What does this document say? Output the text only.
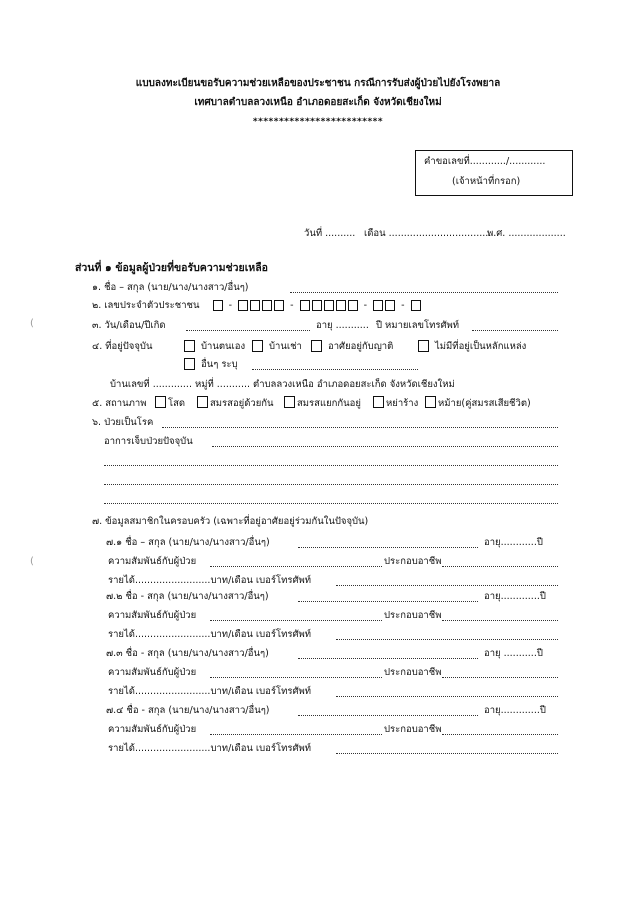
แบบลงทะเบียนขอรับความช่วยเหลือของประชาชน กรณีการรับส่งผู้ป่วยไปยังโรงพยาล
เทศบาลตำบลลวงเหนือ อำเภอดอยสะเก็ด จังหวัดเชียงใหม่
*************************
คำขอเลขที่............/............
(เจ้าหน้าที่กรอก)
วันที่ .......... เดือน ..................................
พ.ศ. ...................
ส่วนที่ ๑ ข้อมูลผู้ป่วยที่ขอรับความช่วยเหลือ
๑. ชื่อ – สกุล (นาย/นาง/นางสาว/อื่นๆ)
๒. เลขประจำตัวประชาชน	-	-	-	-
๓. วัน/เดือน/ปีเกิด	อายุ ........... ปี หมายเลขโทรศัพท์
๔. ที่อยู่ปัจจุบัน	บ้านตนเอง	บ้านเช่า	อาศัยอยู่กับญาติ	ไม่มีที่อยู่เป็นหลักแหล่ง
อื่นๆ ระบุ
บ้านเลขที่ ............. หมู่ที่ ........... ตำบลลวงเหนือ อำเภอดอยสะเก็ด จังหวัดเชียงใหม่
๕. สถานภาพ โสด	สมรสอยู่ด้วยกัน สมรสแยกกันอยู่	หย่าร้าง หม้าย(คู่สมรสเสียชีวิต)
๖. ป่วยเป็นโรค
อาการเจ็บป่วยปัจจุบัน
๗. ข้อมูลสมาชิกในครอบครัว (เฉพาะที่อยู่อาศัยอยู่ร่วมกันในปัจจุบัน)
๗.๑ ชื่อ – สกุล (นาย/นาง/นางสาว/อื่นๆ)	อายุ............ปี
ความสัมพันธ์กับผู้ป่วย	ประกอบอาชีพ
รายได้.........................บาท/เดือน เบอร์โทรศัพท์
๗.๒ ชื่อ - สกุล (นาย/นาง/นางสาว/อื่นๆ)	อายุ.............ปี
ความสัมพันธ์กับผู้ป่วย	ประกอบอาชีพ
รายได้.........................บาท/เดือน เบอร์โทรศัพท์
๗.๓ ชื่อ - สกุล (นาย/นาง/นางสาว/อื่นๆ)	อายุ ...........ปี
ความสัมพันธ์กับผู้ป่วย	ประกอบอาชีพ
รายได้.........................บาท/เดือน เบอร์โทรศัพท์
๗.๔ ชื่อ - สกุล (นาย/นาง/นางสาว/อื่นๆ)	อายุ.............ปี
ความสัมพันธ์กับผู้ป่วย	ประกอบอาชีพ
รายได้.........................บาท/เดือน เบอร์โทรศัพท์
(
(
